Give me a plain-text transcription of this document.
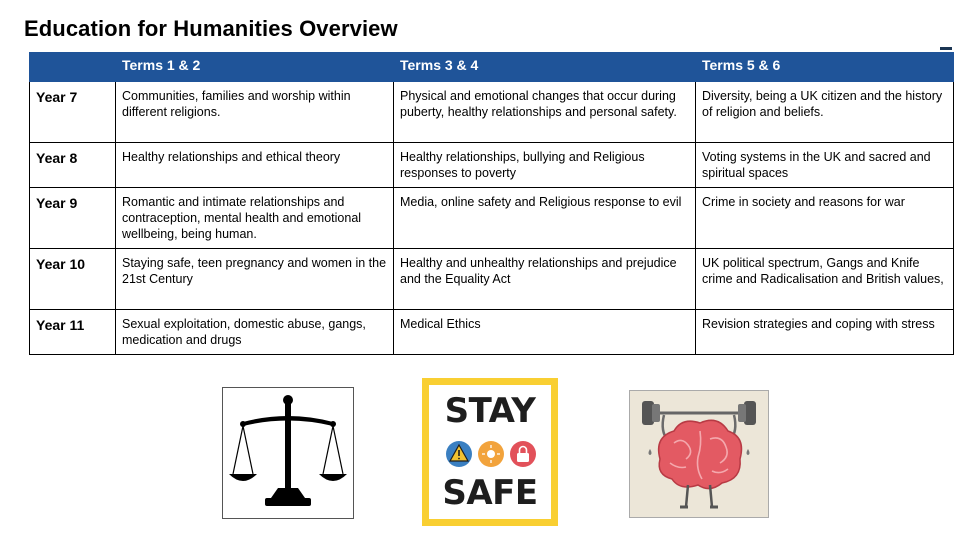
Education for Humanities Overview
	Terms 1 & 2	Terms 3 & 4	Terms 5 & 6
Year 7	Communities, families and worship within different religions.	Physical and emotional changes that occur during puberty, healthy relationships and personal safety.	Diversity, being a UK citizen and the history of religion and beliefs.
Year 8	Healthy relationships and ethical theory	Healthy relationships, bullying and Religious responses to poverty	Voting systems in the UK and sacred and spiritual spaces
Year 9	Romantic and intimate relationships and contraception, mental health and emotional wellbeing, being human.	Media, online safety and Religious response to evil	Crime in society and reasons for war
Year 10	Staying safe, teen pregnancy and women in the 21st Century	Healthy and unhealthy relationships and prejudice and the Equality Act	UK political spectrum, Gangs and Knife crime and Radicalisation and British values,
Year 11	Sexual exploitation, domestic abuse, gangs, medication and drugs	Medical Ethics	Revision strategies and coping with stress
STAY
SAFE
